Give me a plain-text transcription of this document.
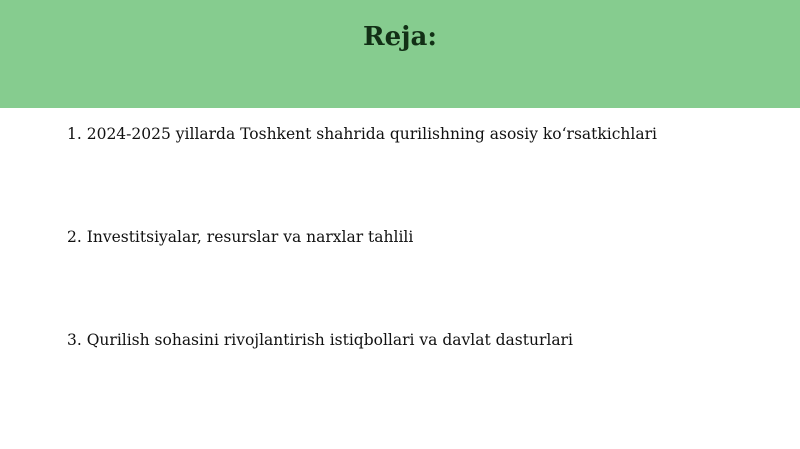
Reja:

1. 2024-2025 yillarda Toshkent shahrida qurilishning asosiy koʻrsatkichlari

2. Investitsiyalar, resurslar va narxlar tahlili

3. Qurilish sohasini rivojlantirish istiqbollari va davlat dasturlari
